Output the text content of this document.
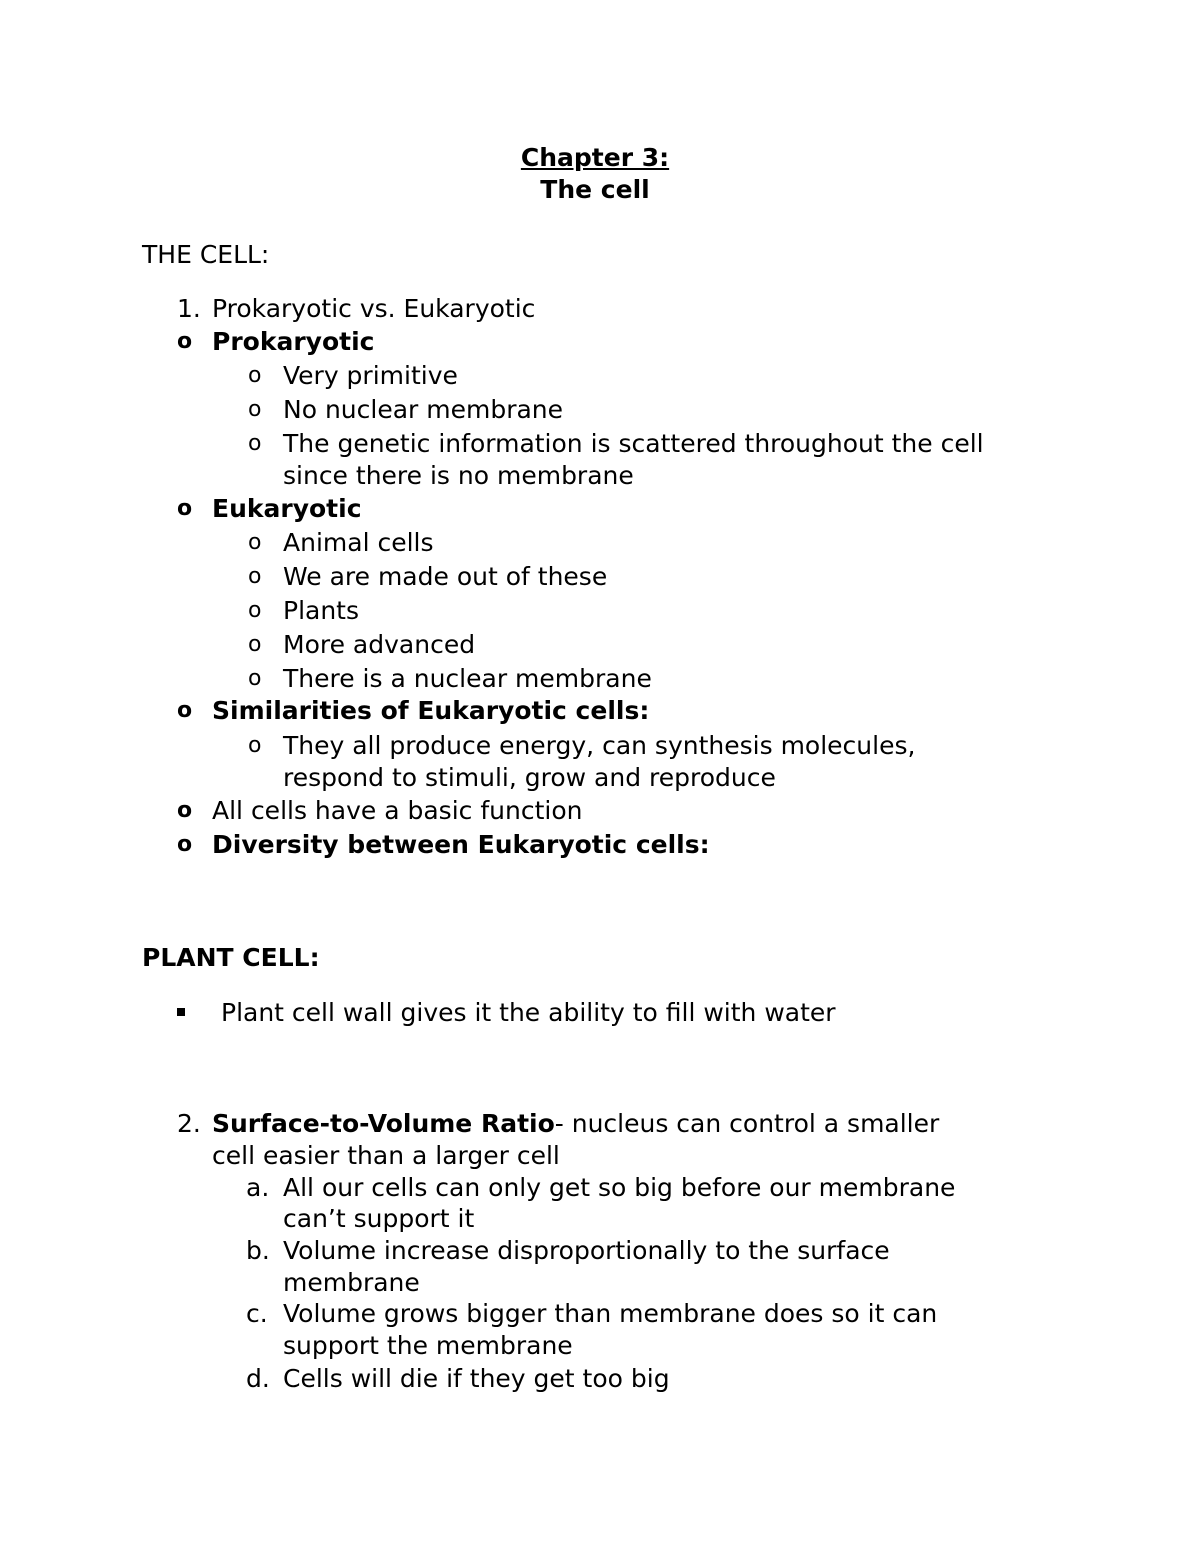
Chapter 3:
The cell
THE CELL:
1. Prokaryotic vs. Eukaryotic
o Prokaryotic
o Very primitive
o No nuclear membrane
o The genetic information is scattered throughout the cell
since there is no membrane
o Eukaryotic
o Animal cells
o We are made out of these
o Plants
o More advanced
o There is a nuclear membrane
o Similarities of Eukaryotic cells:
o They all produce energy, can synthesis molecules,
respond to stimuli, grow and reproduce
o All cells have a basic function
o Diversity between Eukaryotic cells:
PLANT CELL:
Plant cell wall gives it the ability to fill with water
2. Surface-to-Volume Ratio- nucleus can control a smaller
cell easier than a larger cell
a. All our cells can only get so big before our membrane
can’t support it
b. Volume increase disproportionally to the surface
membrane
c. Volume grows bigger than membrane does so it can
support the membrane
d. Cells will die if they get too big
